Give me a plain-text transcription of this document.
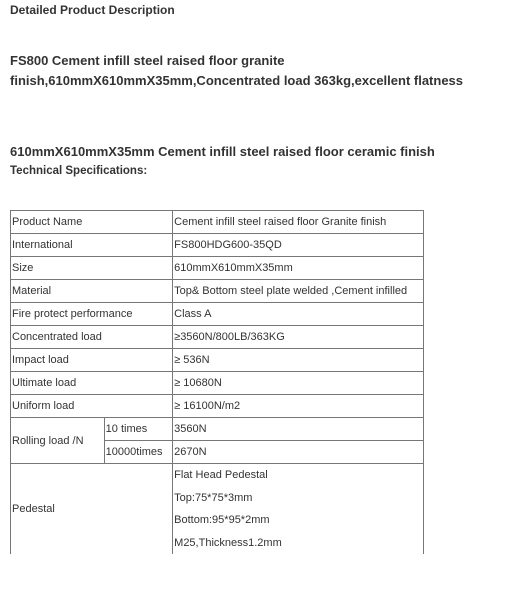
Detailed Product Description
FS800 Cement infill steel raised floor granite finish,610mmX610mmX35mm,Concentrated load 363kg,excellent flatness
610mmX610mmX35mm Cement infill steel raised floor ceramic finish
Technical Specifications:
Product Name		Cement infill steel raised floor Granite finish
International		FS800HDG600-35QD
Size		610mmX610mmX35mm
Material		Top& Bottom steel plate welded ,Cement infilled
Fire protect performance		Class A
Concentrated load		≥3560N/800LB/363KG
Impact load		≥ 536N
Ultimate load		≥ 10680N
Uniform load		≥ 16100N/m2
Rolling load /N	10 times	3560N
	10000times	2670N
Pedestal		Flat Head Pedestal
Top:75*75*3mm
Bottom:95*95*2mm
M25,Thickness1.2mm
